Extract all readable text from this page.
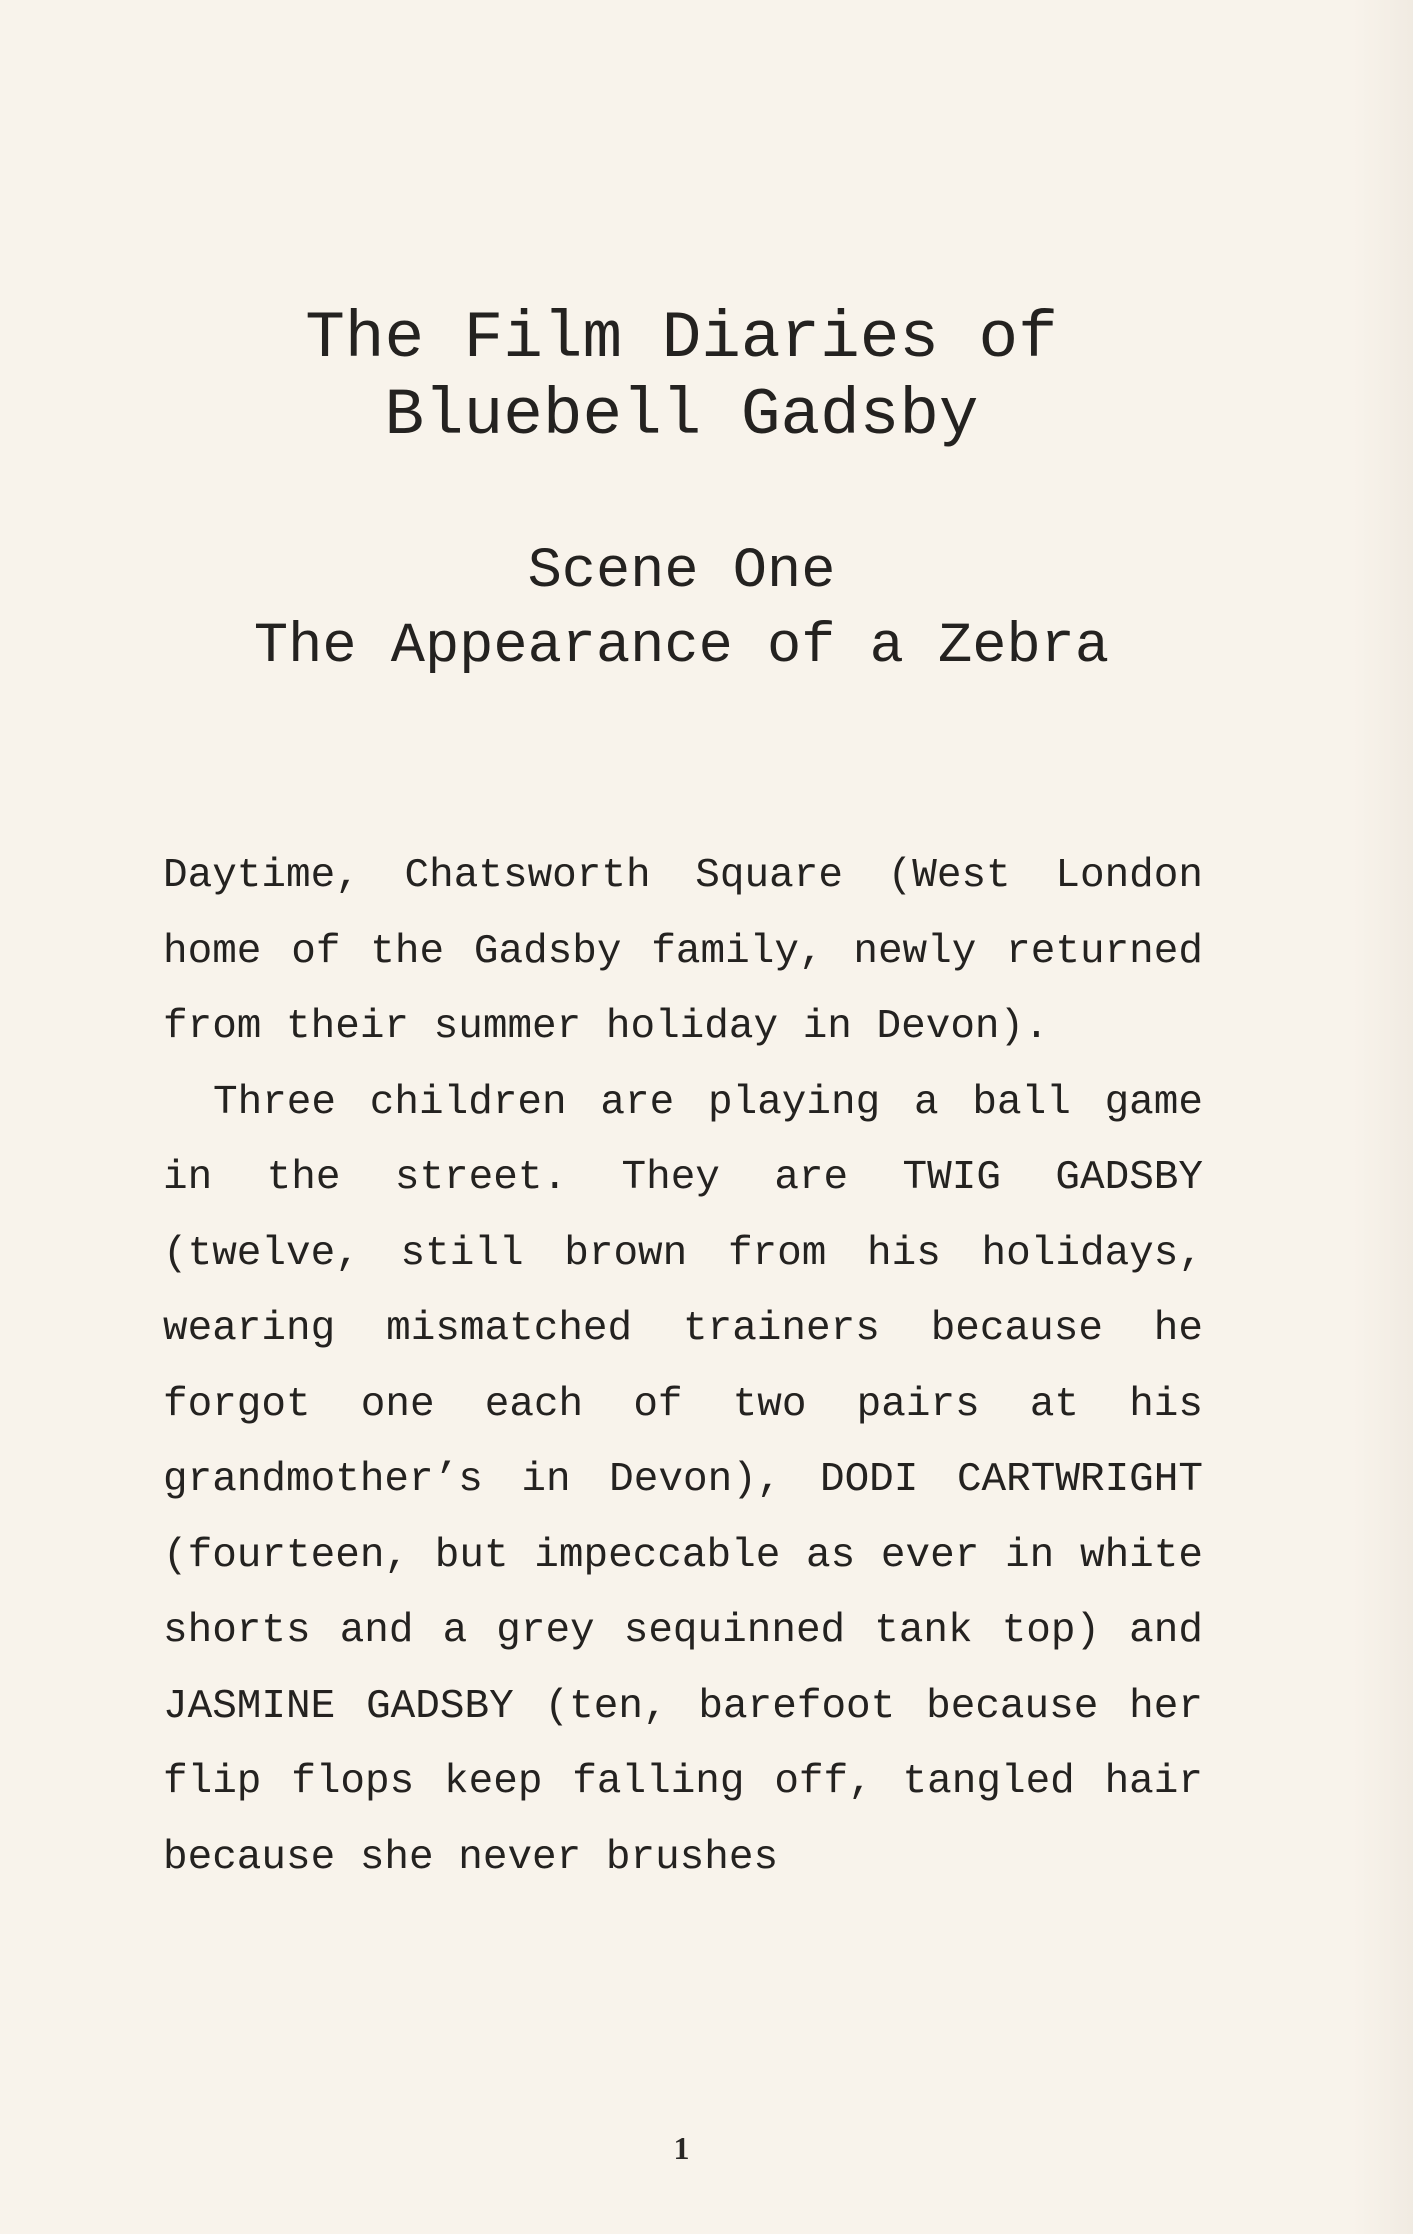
The Film Diaries of
Bluebell Gadsby
Scene One
The Appearance of a Zebra

Daytime, Chatsworth Square (West London home of the Gadsby family, newly returned from their summer holiday in Devon).

Three children are playing a ball game in the street. They are TWIG GADSBY (twelve, still brown from his holidays, wearing mismatched trainers because he forgot one each of two pairs at his grandmother’s in Devon), DODI CARTWRIGHT (fourteen, but impeccable as ever in white shorts and a grey sequinned tank top) and JASMINE GADSBY (ten, barefoot because her flip flops keep falling off, tangled hair because she never brushes

1
